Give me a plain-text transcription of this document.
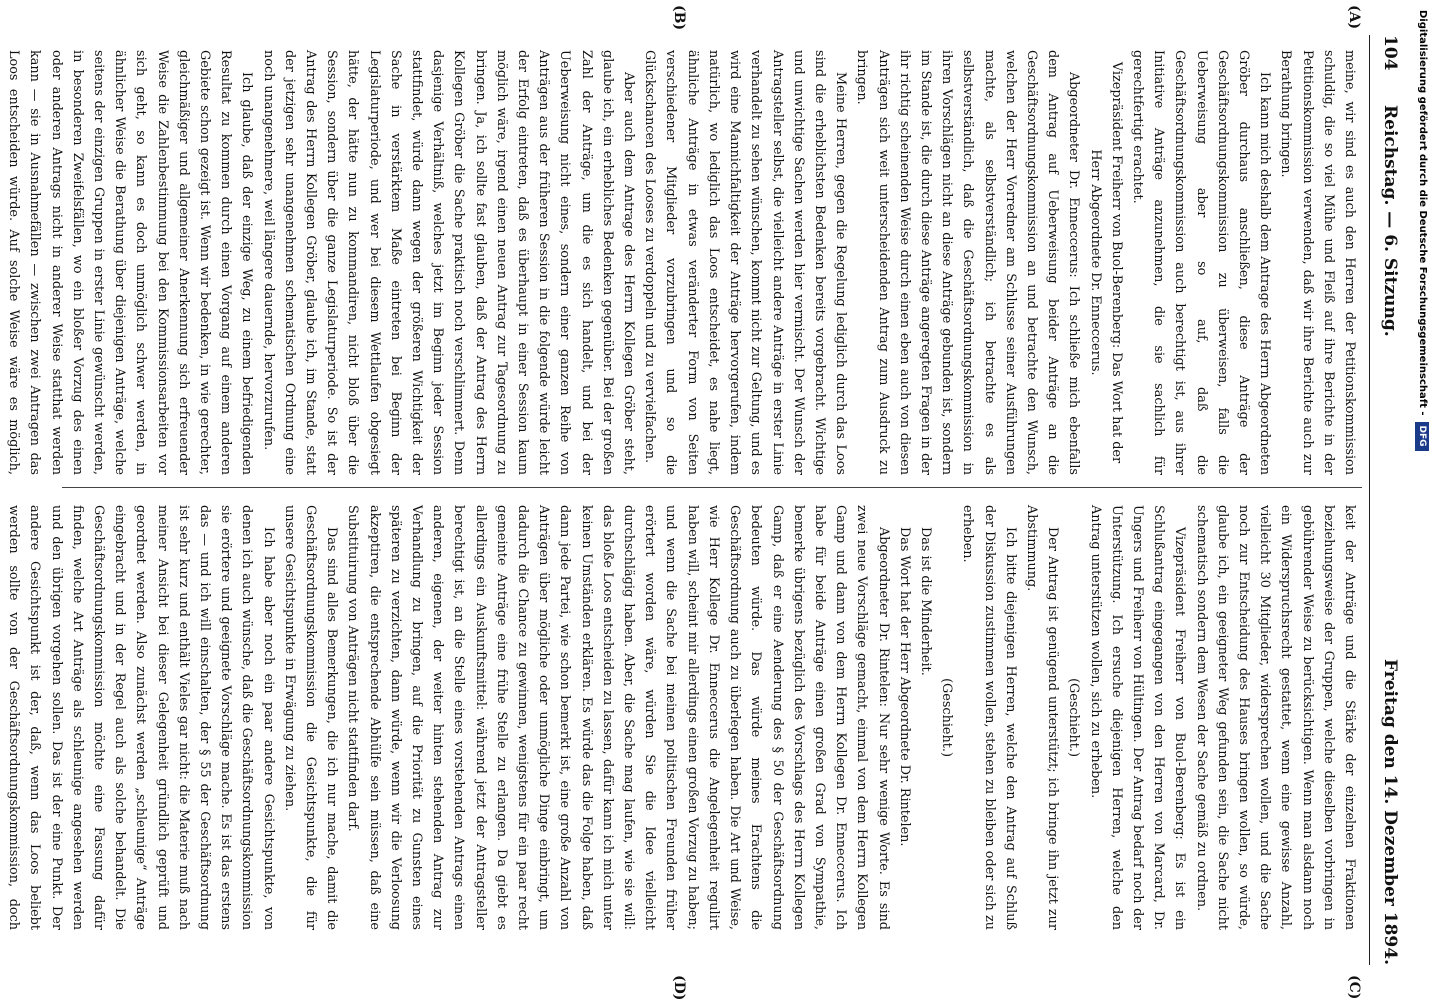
104
Reichstag. — 6. Sitzung.
Freitag den 14. Dezember 1894.
(A)
(B)
(C)
(D)

meine, wir sind es auch den Herren der Petitionskommission schuldig, die so viel Mühe und Fleiß auf ihre Berichte in der Petitionskommission verwenden, daß wir ihre Berichte auch zur Berathung bringen.

Ich kann mich deshalb dem Antrage des Herrn Abgeordneten Gröber durchaus anschließen, diese Anträge der Geschäftsordnungskommission zu überweisen, falls die Ueberweisung aber so auf, daß die Geschäftsordnungskommission auch berechtigt ist, aus ihrer Initiative Anträge anzunehmen, die sie sachlich für gerechtfertigt erachtet.

Vizepräsident Freiherr von Buol-Berenberg: Das Wort hat der Herr Abgeordnete Dr. Enneccerus.

Abgeordneter Dr. Enneccerus: Ich schließe mich ebenfalls dem Antrag auf Ueberweisung beider Anträge an die Geschäftsordnungskommission an und betrachte den Wunsch, welchen der Herr Vorredner am Schlusse seiner Ausführungen machte, als selbstverständlich; ich betrachte es als selbstverständlich, daß die Geschäftsordnungskommission in ihren Vorschlägen nicht an diese Anträge gebunden ist, sondern im Stande ist, die durch diese Anträge angeregten Fragen in der ihr richtig scheinenden Weise durch einen eben auch von diesen Anträgen sich weit unterscheidenden Antrag zum Ausdruck zu bringen.

Meine Herren, gegen die Regelung lediglich durch das Loos sind die erheblichsten Bedenken bereits vorgebracht. Wichtige und unwichtige Sachen werden hier vermischt. Der Wunsch der Antragsteller selbst, die vielleicht andere Anträge in erster Linie verhandelt zu sehen wünschen, kommt nicht zur Geltung, und es wird eine Mannichfaltigkeit der Anträge hervorgerufen, indem natürlich, wo lediglich das Loos entscheidet, es nahe liegt, ähnliche Anträge in etwas veränderter Form von Seiten verschiedener Mitglieder vorzubringen und so die Glückschancen des Looses zu verdoppeln und zu vervielfachen.

Aber auch dem Antrage des Herrn Kollegen Gröber steht, glaube ich, ein erhebliches Bedenken gegenüber. Bei der großen Zahl der Anträge, um die es sich handelt, und bei der Ueberweisung nicht eines, sondern einer ganzen Reihe von Anträgen aus der früheren Session in die folgende würde leicht der Erfolg eintreten, daß es überhaupt in einer Session kaum möglich wäre, irgend einen neuen Antrag zur Tagesordnung zu bringen. Ja, ich sollte fast glauben, daß der Antrag des Herrn Kollegen Gröber die Sache praktisch noch verschlimmert. Denn dasjenige Verhältniß, welches jetzt im Beginn jeder Session stattfindet, würde dann wegen der größeren Wichtigkeit der Sache in verstärktem Maße eintreten bei Beginn der Legislaturperiode, und wer bei diesem Wettlaufen obgesiegt hätte, der hätte nun zu kommandiren, nicht bloß über die Session, sondern über die ganze Legislaturperiode. So ist der Antrag des Herrn Kollegen Gröber, glaube ich, im Stande, statt der jetzigen sehr unangenehmen schematischen Ordnung eine noch unangenehmere, weil längere dauernde, hervorzurufen.

Ich glaube, daß der einzige Weg, zu einem befriedigenden Resultat zu kommen durch einen Vorgang auf einem anderen Gebiete schon gezeigt ist. Wenn wir bedenken, in wie gerechter, gleichmäßiger und allgemeiner Anerkennung sich erfreuender Weise die Zahlenbestimmung bei den Kommissionsarbeiten vor sich geht, so kann es doch unmöglich schwer werden, in ähnlicher Weise die Berathung über diejenigen Anträge, welche seitens der einzigen Gruppen in erster Linie gewünscht werden, in besonderen Zweifelsfällen, wo ein bloßer Vorzug des einen oder anderen Antrags nicht in anderer Weise statthat werden kann — sie in Ausnahmefällen — zwischen zwei Antragen das Loos entscheiden würde. Auf solche Weise wäre es möglich,

keit der Anträge und die Stärke der einzelnen Fraktionen beziehungsweise der Gruppen, welche dieselben vorbringen in gebührender Weise zu berücksichtigen. Wenn man alsdann noch ein Widerspruchsrecht gestattet, wenn eine gewisse Anzahl, vielleicht 30 Mitglieder, widersprechen wollen, und die Sache noch zur Entscheidung des Hauses bringen wollen, so würde, glaube ich, ein geeigneter Weg gefunden sein, die Sache nicht schematisch sondern dem Wesen der Sache gemäß zu ordnen.

Vizepräsident Freiherr von Buol-Berenberg: Es ist ein Schlußantrag eingegangen von den Herren von Marcard, Dr. Ungers und Freiherr von Hültingen. Der Antrag bedarf noch der Unterstützung. Ich ersuche diejenigen Herren, welche den Antrag unterstützen wollen, sich zu erheben.

(Geschieht.)

Der Antrag ist genügend unterstützt; ich bringe ihn jetzt zur Abstimmung.

Ich bitte diejenigen Herren, welche den Antrag auf Schluß der Diskussion zustimmen wollen, stehen zu bleiben oder sich zu erheben.

(Geschieht.)

Das ist die Minderheit.

Das Wort hat der Herr Abgeordnete Dr. Rintelen.

Abgeordneter Dr. Rintelen: Nur sehr wenige Worte. Es sind zwei neue Vorschläge gemacht, einmal von dem Herrn Kollegen Gamp und dann von dem Herrn Kollegen Dr. Enneccerus. Ich habe für beide Anträge einen großen Grad von Sympathie, bemerke übrigens bezüglich des Vorschlags des Herrn Kollegen Gamp, daß er eine Aenderung des § 50 der Geschäftsordnung bedeuten würde. Das würde meines Erachtens die Geschäftsordnung auch zu überlegen haben. Die Art und Weise, wie Herr Kollege Dr. Enneccerus die Angelegenheit regulirt haben will, scheint mir allerdings einen großen Vorzug zu haben; und wenn die Sache bei meinen politischen Freunden früher erörtert worden wäre, würden Sie die Idee vielleicht durchschlägig haben. Aber, die Sache mag laufen, wie sie will: das bloße Loos entscheiden zu lassen, dafür kann ich mich unter keinen Umständen erklären. Es würde das die Folge haben, daß dann jede Partei, wie schon bemerkt ist, eine große Anzahl von Anträgen über mögliche oder unmögliche Dinge einbringt, um dadurch die Chance zu gewinnen, wenigstens für ein paar recht gemeinte Anträge eine frühe Stelle zu erlangen. Da giebt es allerdings ein Auskunftsmittel: während jetzt der Antragsteller berechtigt ist, an die Stelle eines vorstehenden Antrags einen anderen, eigenen, der weiter hinten stehenden Antrag zur Verhandlung zu bringen, auf die Priorität zu Gunsten eines späteren zu verzichten, dann würde, wenn wir die Verloosung akzeptiren, die entsprechende Abhülfe sein müssen, daß eine Substituirung von Anträgen nicht stattfinden darf.

Das sind alles Bemerkungen, die ich nur mache, damit die Geschäftsordnungskommission die Gesichtspunkte, die für unsere Gesichtspunkte in Erwägung zu ziehen.

Ich habe aber noch ein paar andere Gesichtspunkte, von denen ich auch wünsche, daß die Geschäftsordnungskommission sie erörtere und geeignete Vorschläge mache. Es ist das erstens das — und ich will einschalten, der § 55 der Geschäftsordnung ist sehr kurz und enthält Vieles gar nicht: die Materie muß nach meiner Ansicht bei dieser Gelegenheit gründlich geprüft und geordnet werden. Also zunächst werden „schleunige“ Anträge eingebracht und in der Regel auch als solche behandelt. Die Geschäftsordnungskommission möchte eine Fassung dafür finden, welche Art Anträge als schleunige angesehen werden und den übrigen vorgehen sollen. Das ist der eine Punkt. Der andere Gesichtspunkt ist der, daß, wenn das Loos beliebt werden sollte von der Geschäftsordnungskommission, doch

Digitalisierung gefördert durch die Deutsche Forschungsgemeinschaft -DFG
